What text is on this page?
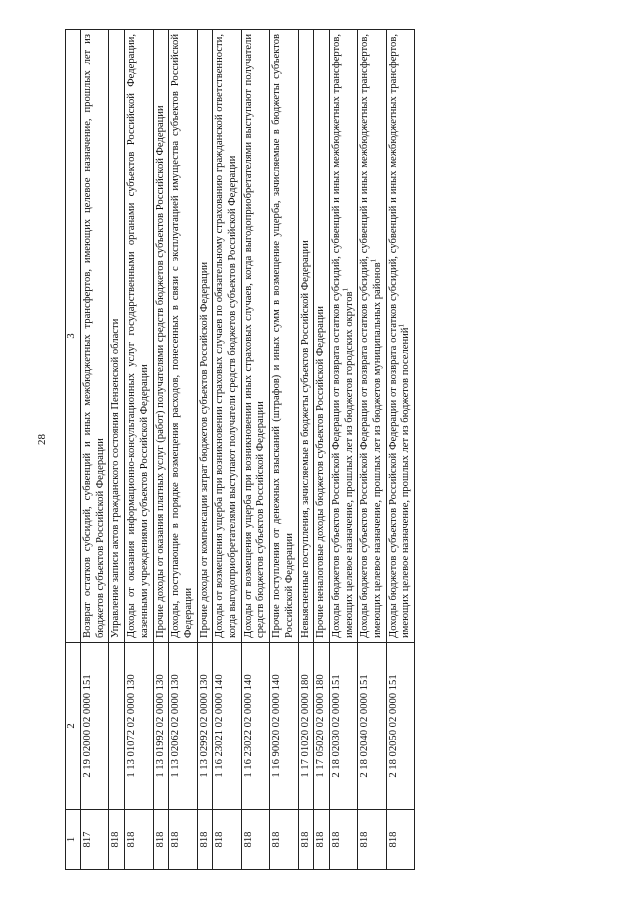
28
1	2	3
817	2 19 02000 02 0000 151	Возврат остатков субсидий, субвенций и иных межбюджетных трансфертов, имеющих целевое назначение, прошлых лет из бюджетов субъектов Российской Федерации
818		Управление записи актов гражданского состояния Пензенской области
818	1 13 01072 02 0000 130	Доходы от оказания информационно-консультационных услуг государственными органами субъектов Российской Федерации, казенными учреждениями субъектов Российской Федерации
818	1 13 01992 02 0000 130	Прочие доходы от оказания платных услуг (работ) получателями средств бюджетов субъектов Российской Федерации
818	1 13 02062 02 0000 130	Доходы, поступающие в порядке возмещения расходов, понесенных в связи с эксплуатацией имущества субъектов Российской Федерации
818	1 13 02992 02 0000 130	Прочие доходы от компенсации затрат бюджетов субъектов Российской Федерации
818	1 16 23021 02 0000 140	Доходы от возмещения ущерба при возникновении страховых случаев по обязательному страхованию гражданской ответственности, когда выгодоприобретателями выступают получатели средств бюджетов субъектов Российской Федерации
818	1 16 23022 02 0000 140	Доходы от возмещения ущерба при возникновении иных страховых случаев, когда выгодоприобретателями выступают получатели средств бюджетов субъектов Российской Федерации
818	1 16 90020 02 0000 140	Прочие поступления от денежных взысканий (штрафов) и иных сумм в возмещение ущерба, зачисляемые в бюджеты субъектов Российской Федерации
818	1 17 01020 02 0000 180	Невыясненные поступления, зачисляемые в бюджеты субъектов Российской Федерации
818	1 17 05020 02 0000 180	Прочие неналоговые доходы бюджетов субъектов Российской Федерации
818	2 18 02030 02 0000 151	Доходы бюджетов субъектов Российской Федерации от возврата остатков субсидий, субвенций и иных межбюджетных трансфертов, имеющих целевое назначение, прошлых лет из бюджетов городских округов$^1$
818	2 18 02040 02 0000 151	Доходы бюджетов субъектов Российской Федерации от возврата остатков субсидий, субвенций и иных межбюджетных трансфертов, имеющих целевое назначение, прошлых лет из бюджетов муниципальных районов$^1$
818	2 18 02050 02 0000 151	Доходы бюджетов субъектов Российской Федерации от возврата остатков субсидий, субвенций и иных межбюджетных трансфертов, имеющих целевое назначение, прошлых лет из бюджетов поселений$^1$
